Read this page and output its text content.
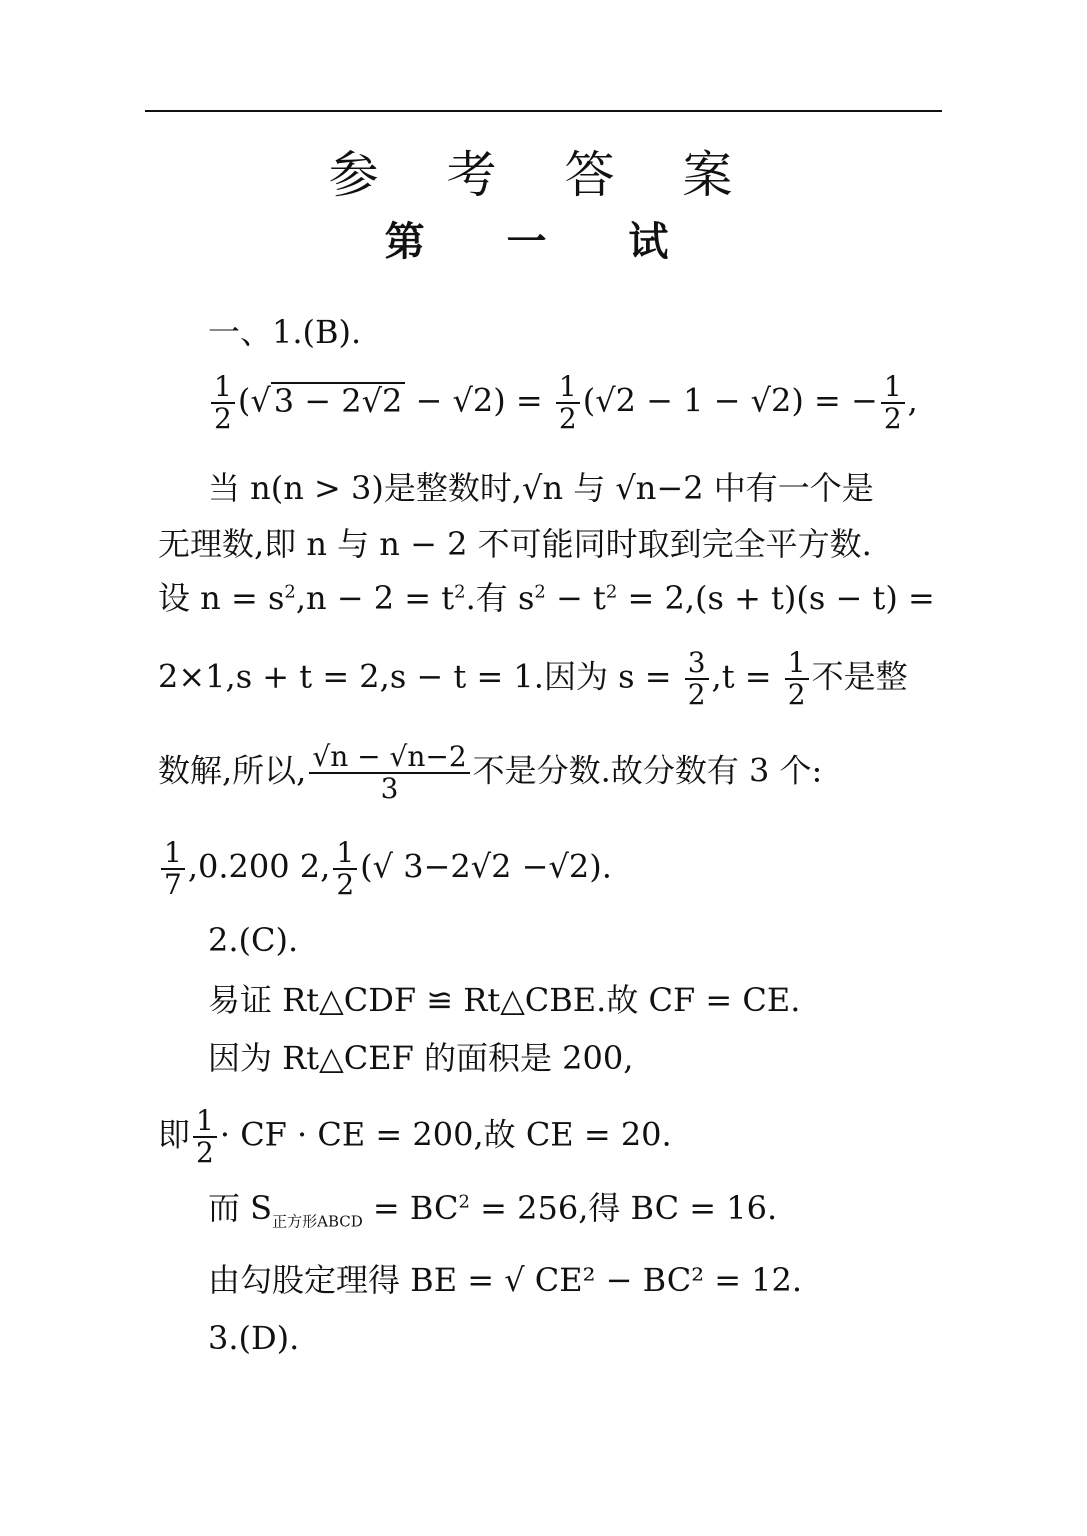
参 考 答 案
第 一 试
一、1.(B).
$\frac{1}{2} (√3 - 2√2 - √2) = \frac{1}{2} (√2 - 1 - √2)$ = − $\frac{1}{2}$ ,
当 n(n > 3)是整数时,√n 与 √n−2 中有一个是
无理数,即 n 与 n − 2 不可能同时取到完全平方数.
设 $n = s^2,n - 2 = t^2$.有 $s^2 - t^2 = 2,(s + t)(s - t)$ =
2×1,s + t = 2,s − t = 1.因为 $s = \frac{3}{2} ,t = \frac{1}{2}$ 不是整
数解,所以, $\frac{√n - √n-2}{3}$ 不是分数.故分数有 3 个:
$\frac{1}{7} ,0.200$ 2, $\frac{1}{2}$ (√ 3−2√2 −√2).
2.(C).
易证 Rt△CDF ≌ Rt△CBE.故 CF = CE.
因为 Rt△CEF 的面积是 200,
即 $\frac{1}{2}$ · CF · CE = 200,故 CE = 20.
而 $S_{正方形ABCD} = BC^2 = 256$,得 BC = 16.
由勾股定理得 BE = √ CE² − BC² = 12.
3.(D).
